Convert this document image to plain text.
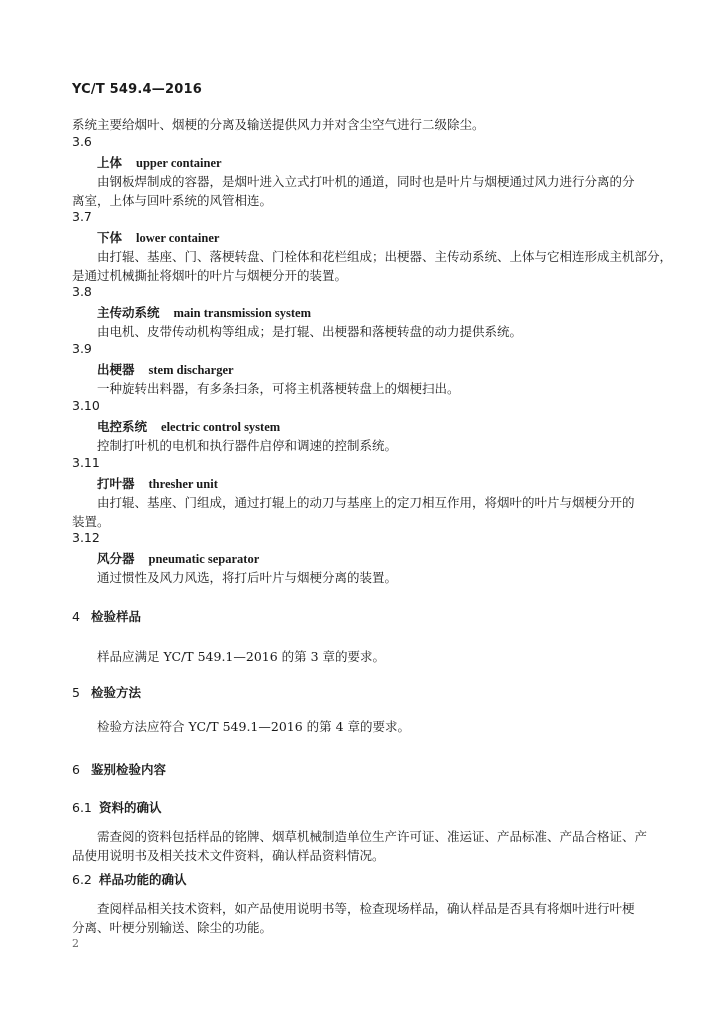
YC/T 549.4—2016
系统主要给烟叶、烟梗的分离及输送提供风力并对含尘空气进行二级除尘。
3.6
上体 upper container
由钢板焊制成的容器，是烟叶进入立式打叶机的通道，同时也是叶片与烟梗通过风力进行分离的分
离室，上体与回叶系统的风管相连。
3.7
下体 lower container
由打辊、基座、门、落梗转盘、门栓体和花栏组成；出梗器、主传动系统、上体与它相连形成主机部分，
是通过机械撕扯将烟叶的叶片与烟梗分开的装置。
3.8
主传动系统 main transmission system
由电机、皮带传动机构等组成；是打辊、出梗器和落梗转盘的动力提供系统。
3.9
出梗器 stem discharger
一种旋转出料器，有多条扫条，可将主机落梗转盘上的烟梗扫出。
3.10
电控系统 electric control system
控制打叶机的电机和执行器件启停和调速的控制系统。
3.11
打叶器 thresher unit
由打辊、基座、门组成，通过打辊上的动刀与基座上的定刀相互作用，将烟叶的叶片与烟梗分开的
装置。
3.12
风分器 pneumatic separator
通过惯性及风力风选，将打后叶片与烟梗分离的装置。
4 检验样品
样品应满足 YC/T 549.1—2016 的第 3 章的要求。
5 检验方法
检验方法应符合 YC/T 549.1—2016 的第 4 章的要求。
6 鉴别检验内容
6.1 资料的确认
需查阅的资料包括样品的铭牌、烟草机械制造单位生产许可证、准运证、产品标准、产品合格证、产
品使用说明书及相关技术文件资料，确认样品资料情况。
6.2 样品功能的确认
查阅样品相关技术资料，如产品使用说明书等，检查现场样品，确认样品是否具有将烟叶进行叶梗
分离、叶梗分别输送、除尘的功能。
2
